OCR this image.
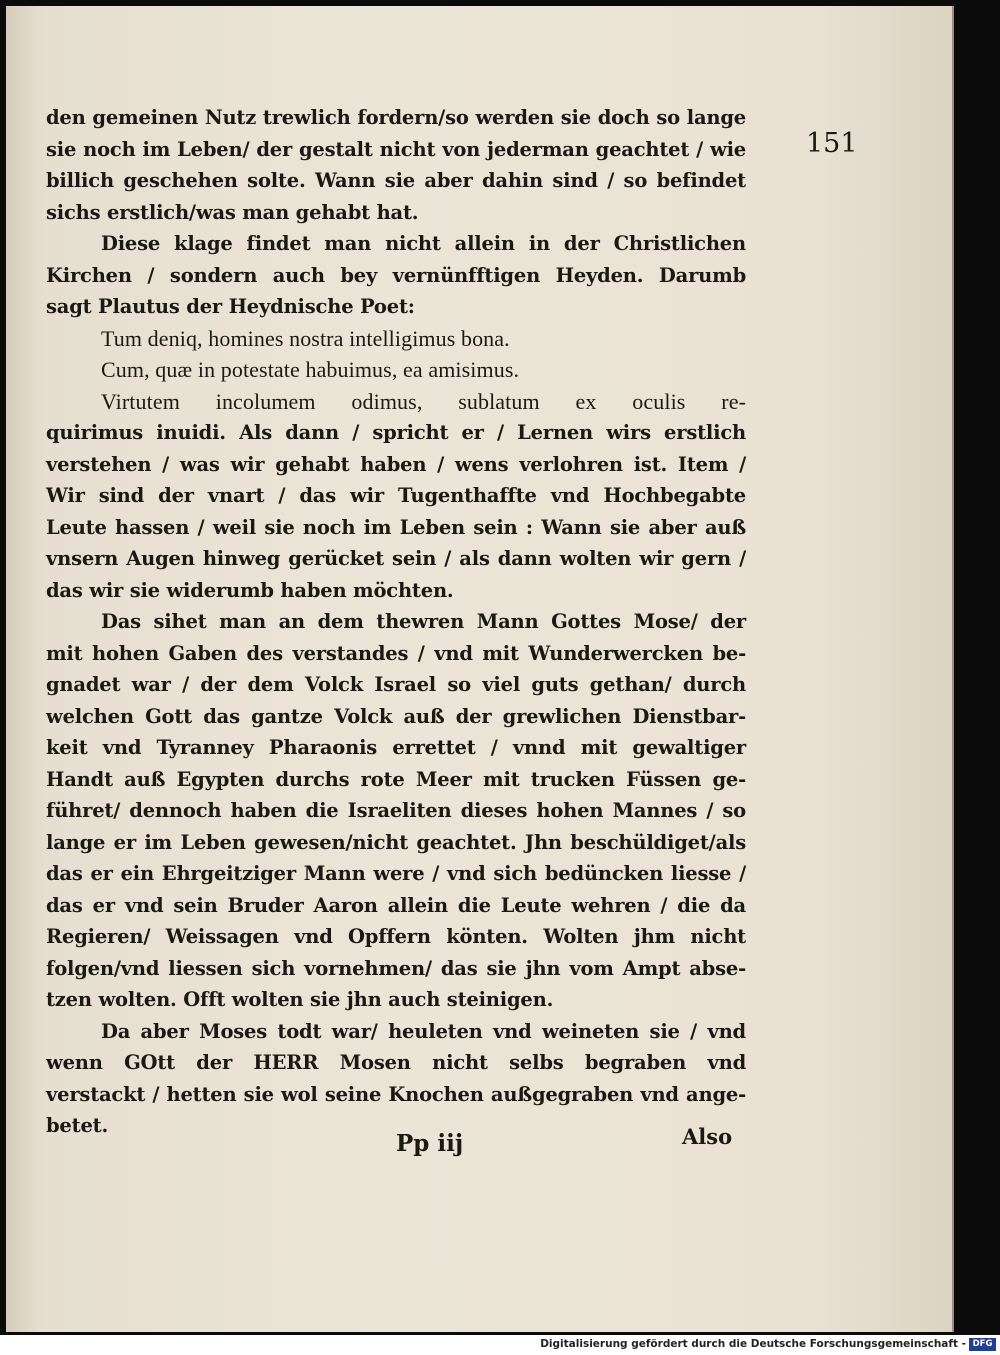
151
den gemeinen Nutz trewlich fordern/so werden sie doch so lange
sie noch im Leben/ der gestalt nicht von jederman geachtet / wie
billich geschehen solte. Wann sie aber dahin sind / so befindet
sichs erstlich/was man gehabt hat.
Diese klage findet man nicht allein in der Christlichen
Kirchen / sondern auch bey vernünfftigen Heyden. Darumb
sagt Plautus der Heydnische Poet:
Tum deniq, homines nostra intelligimus bona.
Cum, quæ in potestate habuimus, ea amisimus.
Virtutem incolumem odimus, sublatum ex oculis re-
quirimus inuidi. Als dann / spricht er / Lernen wirs erstlich
verstehen / was wir gehabt haben / wens verlohren ist. Item /
Wir sind der vnart / das wir Tugenthaffte vnd Hochbegabte
Leute hassen / weil sie noch im Leben sein : Wann sie aber auß
vnsern Augen hinweg gerücket sein / als dann wolten wir gern /
das wir sie widerumb haben möchten.
Das sihet man an dem thewren Mann Gottes Mose/ der
mit hohen Gaben des verstandes / vnd mit Wunderwercken be-
gnadet war / der dem Volck Israel so viel guts gethan/ durch
welchen Gott das gantze Volck auß der grewlichen Dienstbar-
keit vnd Tyranney Pharaonis errettet / vnnd mit gewaltiger
Handt auß Egypten durchs rote Meer mit trucken Füssen ge-
führet/ dennoch haben die Israeliten dieses hohen Mannes / so
lange er im Leben gewesen/nicht geachtet. Jhn beschüldiget/als
das er ein Ehrgeitziger Mann were / vnd sich bedüncken liesse /
das er vnd sein Bruder Aaron allein die Leute wehren / die da
Regieren/ Weissagen vnd Opffern könten. Wolten jhm nicht
folgen/vnd liessen sich vornehmen/ das sie jhn vom Ampt abse-
tzen wolten. Offt wolten sie jhn auch steinigen.
Da aber Moses todt war/ heuleten vnd weineten sie / vnd
wenn GOtt der HERR Mosen nicht selbs begraben vnd
verstackt / hetten sie wol seine Knochen außgegraben vnd ange-
betet.
Pp iij	Also
Digitalisierung gefördert durch die Deutsche Forschungsgemeinschaft - DFG
